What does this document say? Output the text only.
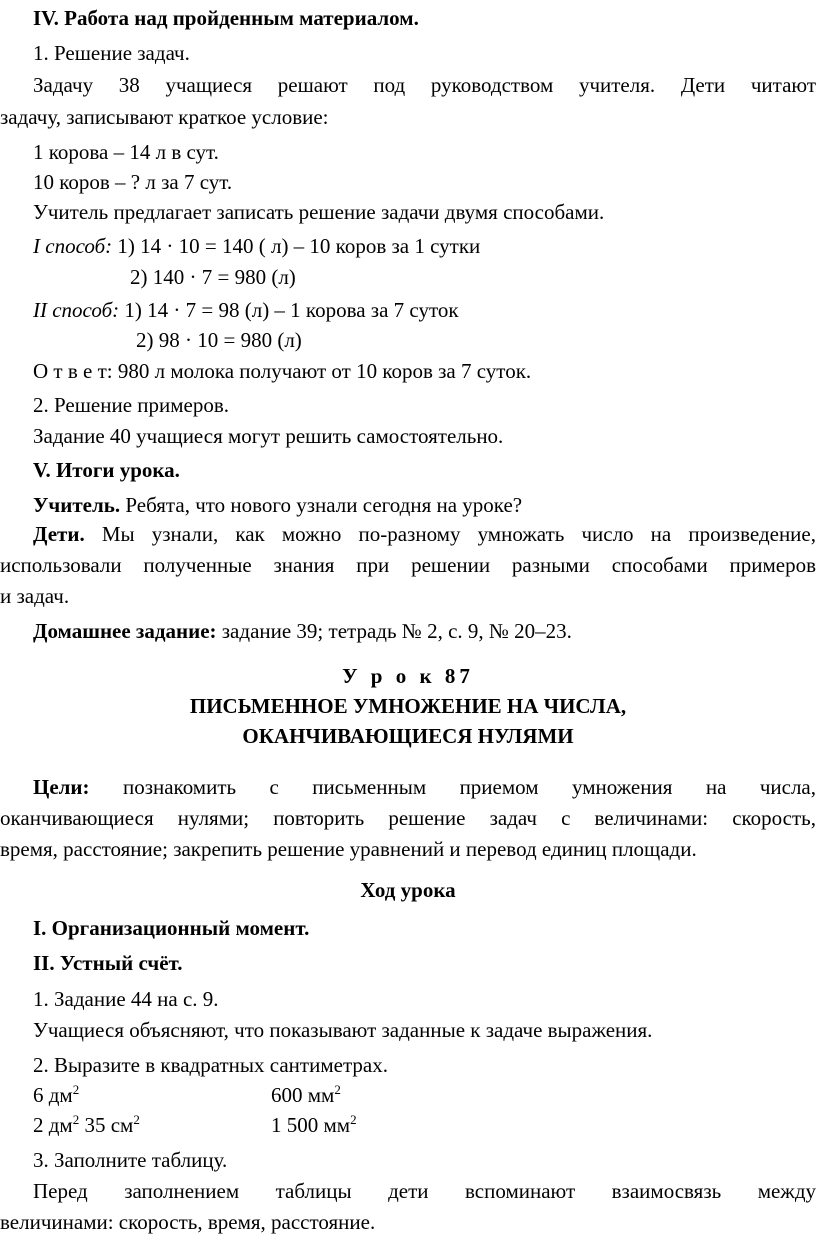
IV. Работа над пройденным материалом.
1. Решение задач.
Задачу 38 учащиеся решают под руководством учителя. Дети читают
задачу, записывают краткое условие:
1 корова – 14 л в сут.
10 коров – ? л за 7 сут.
Учитель предлагает записать решение задачи двумя способами.
I способ: 1) 14 · 10 = 140 ( л) – 10 коров за 1 сутки
2) 140 · 7 = 980 (л)
II способ: 1) 14 · 7 = 98 (л) – 1 корова за 7 суток
2) 98 · 10 = 980 (л)
О т в е т: 980 л молока получают от 10 коров за 7 суток.
2. Решение примеров.
Задание 40 учащиеся могут решить самостоятельно.
V. Итоги урока.
Учитель. Ребята, что нового узнали сегодня на уроке?
Дети. Мы узнали, как можно по-разному умножать число на произведение,
использовали полученные знания при решении разными способами примеров
и задач.
Домашнее задание: задание 39; тетрадь № 2, с. 9, № 20–23.
У р о к 87
ПИСЬМЕННОЕ УМНОЖЕНИЕ НА ЧИСЛА,
ОКАНЧИВАЮЩИЕСЯ НУЛЯМИ
Цели: познакомить с письменным приемом умножения на числа,
оканчивающиеся нулями; повторить решение задач с величинами: скорость,
время, расстояние; закрепить решение уравнений и перевод единиц площади.
Ход урока
I. Организационный момент.
II. Устный счёт.
1. Задание 44 на с. 9.
Учащиеся объясняют, что показывают заданные к задаче выражения.
2. Выразите в квадратных сантиметрах.
6 $дм^2$	600 $мм^2$
2 $дм^2$ 35 $см^2$	1 500 $мм^2$
3. Заполните таблицу.
Перед заполнением таблицы дети вспоминают взаимосвязь между
величинами: скорость, время, расстояние.
